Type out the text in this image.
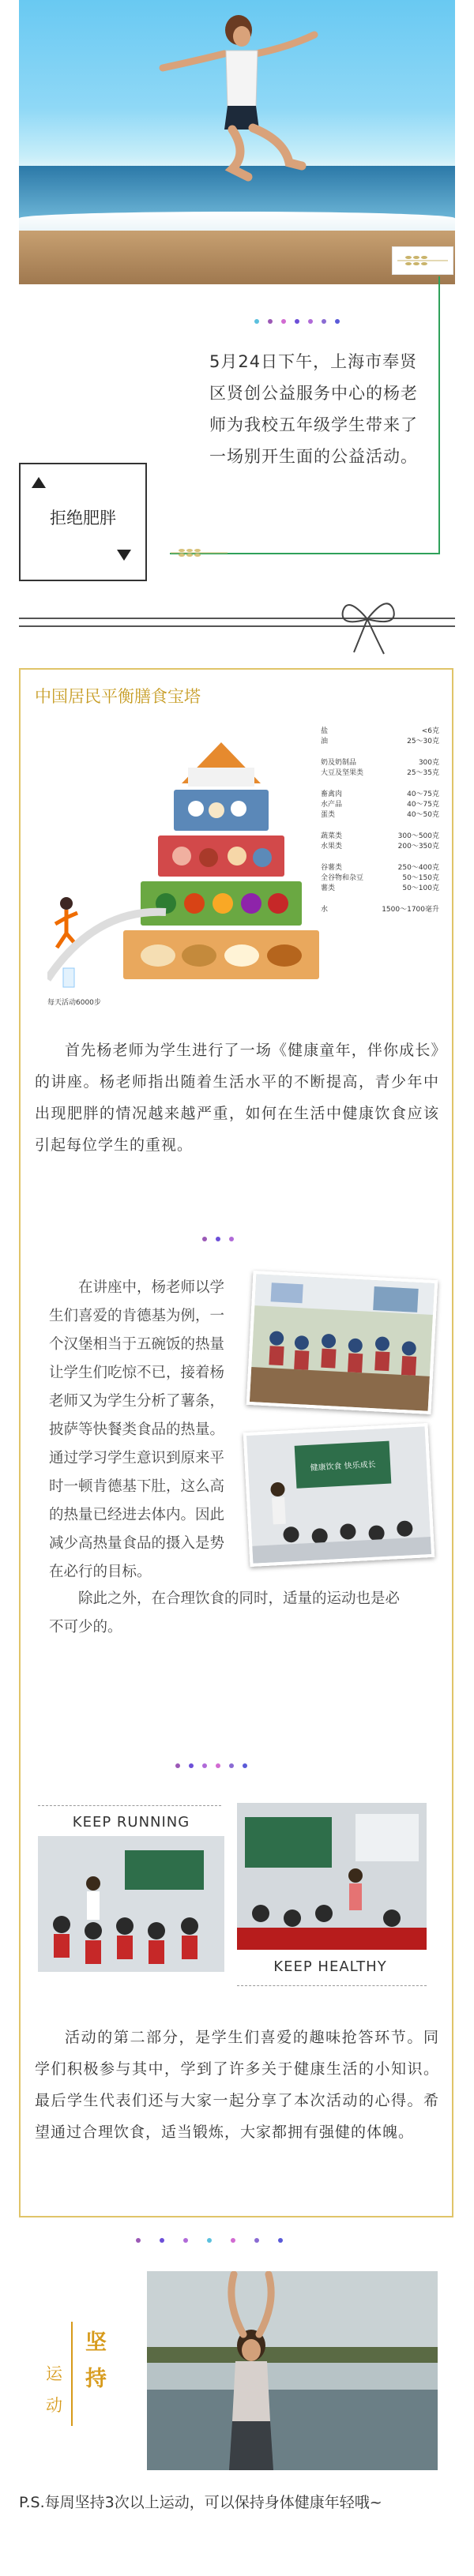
5月24日下午，上海市奉贤区贤创公益服务中心的杨老师为我校五年级学生带来了一场别开生面的公益活动。
拒绝肥胖
中国居民平衡膳食宝塔
每天活动6000步
盐	<6克
油	25～30克
奶及奶制品	300克
大豆及坚果类	25～35克
畜禽肉	40～75克
水产品	40～75克
蛋类	40～50克
蔬菜类	300～500克
水果类	200～350克
谷薯类	250～400克
全谷物和杂豆	50～150克
薯类	50～100克
水	1500～1700毫升
首先杨老师为学生进行了一场《健康童年，伴你成长》的讲座。杨老师指出随着生活水平的不断提高，青少年中出现肥胖的情况越来越严重，如何在生活中健康饮食应该引起每位学生的重视。
在讲座中，杨老师以学生们喜爱的肯德基为例，一个汉堡相当于五碗饭的热量让学生们吃惊不已，接着杨老师又为学生分析了薯条，披萨等快餐类食品的热量。通过学习学生意识到原来平时一顿肯德基下肚，这么高的热量已经进去体内。因此减少高热量食品的摄入是势在必行的目标。
健康饮食 快乐成长
除此之外，在合理饮食的同时，适量的运动也是必不可少的。
KEEP RUNNING
KEEP HEALTHY
活动的第二部分，是学生们喜爱的趣味抢答环节。同学们积极参与其中，学到了许多关于健康生活的小知识。最后学生代表们还与大家一起分享了本次活动的心得。希望通过合理饮食，适当锻炼，大家都拥有强健的体魄。
运
动
坚
持
P.S.每周坚持3次以上运动，可以保持身体健康年轻哦~
